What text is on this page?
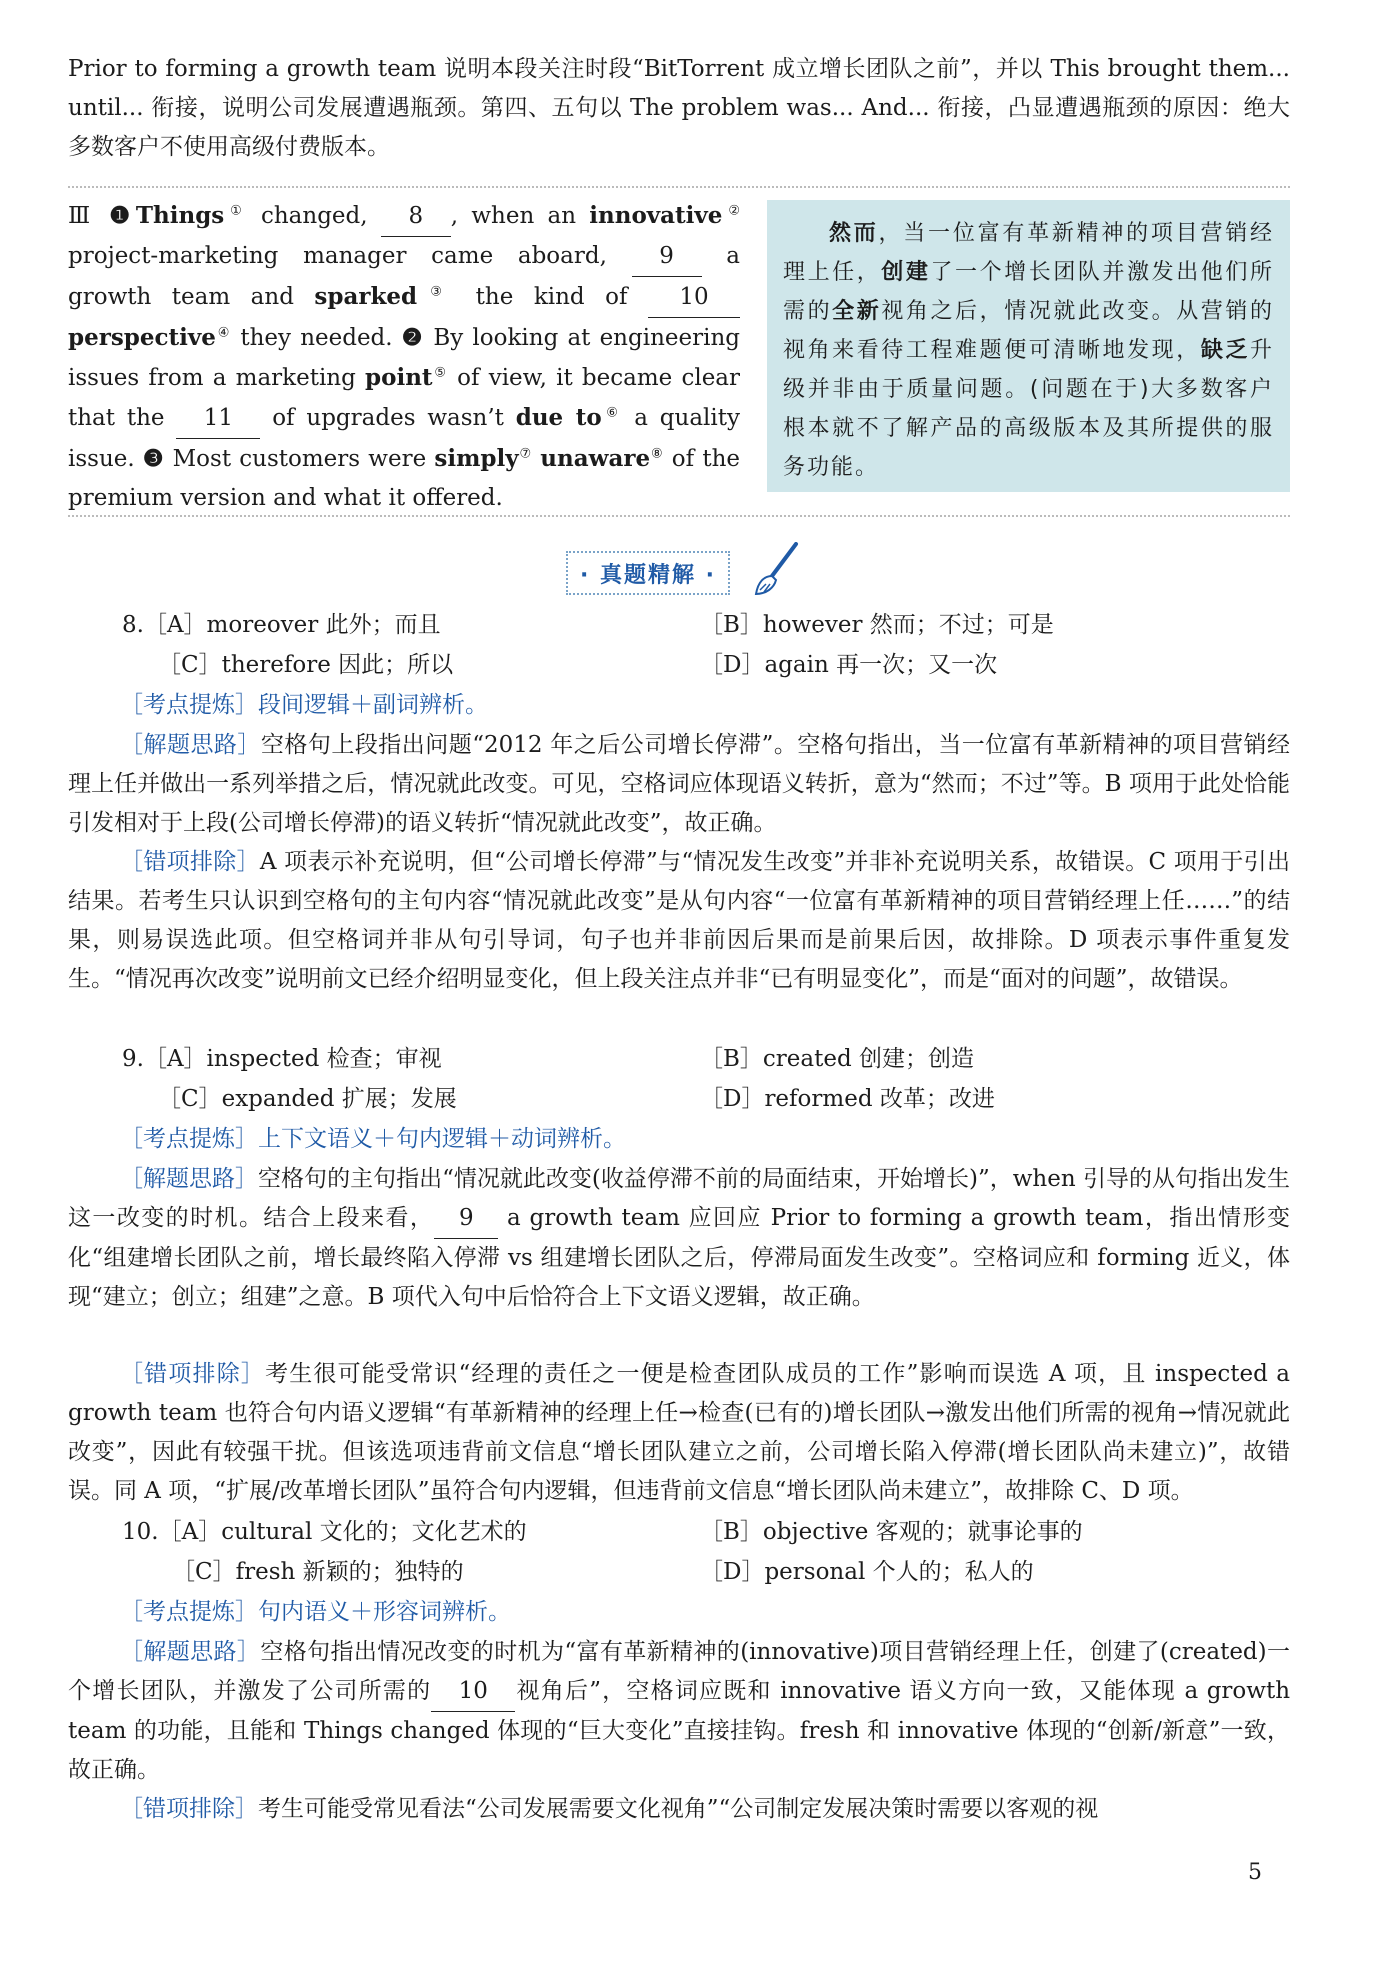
Prior to forming a growth team 说明本段关注时段“BitTorrent 成立增长团队之前”，并以 This brought them... until... 衔接，说明公司发展遭遇瓶颈。第四、五句以 The problem was... And... 衔接，凸显遭遇瓶颈的原因：绝大多数客户不使用高级付费版本。

Ⅲ ❶Things① changed, 8 , when an innovative② project-marketing manager came aboard, 9 a growth team and sparked③ the kind of 10 perspective④ they needed. ❷ By looking at engineering issues from a marketing point⑤ of view, it became clear that the 11 of upgrades wasn’t due to⑥ a quality issue. ❸ Most customers were simply⑦ unaware⑧ of the premium version and what it offered.

然而，当一位富有革新精神的项目营销经理上任，创建了一个增长团队并激发出他们所需的全新视角之后，情况就此改变。从营销的视角来看待工程难题便可清晰地发现，缺乏升级并非由于质量问题。(问题在于)大多数客户根本就不了解产品的高级版本及其所提供的服务功能。
· 真题精解 ·
8.［A］moreover 此外；而且	［B］however 然而；不过；可是
［C］therefore 因此；所以	［D］again 再一次；又一次
［考点提炼］段间逻辑＋副词辨析。

［解题思路］空格句上段指出问题“2012 年之后公司增长停滞”。空格句指出，当一位富有革新精神的项目营销经理上任并做出一系列举措之后，情况就此改变。可见，空格词应体现语义转折，意为“然而；不过”等。B 项用于此处恰能引发相对于上段(公司增长停滞)的语义转折“情况就此改变”，故正确。

［错项排除］A 项表示补充说明，但“公司增长停滞”与“情况发生改变”并非补充说明关系，故错误。C 项用于引出结果。若考生只认识到空格句的主句内容“情况就此改变”是从句内容“一位富有革新精神的项目营销经理上任……”的结果，则易误选此项。但空格词并非从句引导词，句子也并非前因后果而是前果后因，故排除。D 项表示事件重复发生。“情况再次改变”说明前文已经介绍明显变化，但上段关注点并非“已有明显变化”，而是“面对的问题”，故错误。

9.［A］inspected 检查；审视	［B］created 创建；创造
［C］expanded 扩展；发展	［D］reformed 改革；改进
［考点提炼］上下文语义＋句内逻辑＋动词辨析。

［解题思路］空格句的主句指出“情况就此改变(收益停滞不前的局面结束，开始增长)”，when 引导的从句指出发生这一改变的时机。结合上段来看， 9 a growth team 应回应 Prior to forming a growth team，指出情形变化“组建增长团队之前，增长最终陷入停滞 vs 组建增长团队之后，停滞局面发生改变”。空格词应和 forming 近义，体现“建立；创立；组建”之意。B 项代入句中后恰符合上下文语义逻辑，故正确。

［错项排除］考生很可能受常识“经理的责任之一便是检查团队成员的工作”影响而误选 A 项，且 inspected a growth team 也符合句内语义逻辑“有革新精神的经理上任→检查(已有的)增长团队→激发出他们所需的视角→情况就此改变”，因此有较强干扰。但该选项违背前文信息“增长团队建立之前，公司增长陷入停滞(增长团队尚未建立)”，故错误。同 A 项，“扩展/改革增长团队”虽符合句内逻辑，但违背前文信息“增长团队尚未建立”，故排除 C、D 项。

10.［A］cultural 文化的；文化艺术的	［B］objective 客观的；就事论事的
［C］fresh 新颖的；独特的	［D］personal 个人的；私人的
［考点提炼］句内语义＋形容词辨析。

［解题思路］空格句指出情况改变的时机为“富有革新精神的(innovative)项目营销经理上任，创建了(created)一个增长团队，并激发了公司所需的 10 视角后”，空格词应既和 innovative 语义方向一致，又能体现 a growth team 的功能，且能和 Things changed 体现的“巨大变化”直接挂钩。fresh 和 innovative 体现的“创新/新意”一致，故正确。

［错项排除］考生可能受常见看法“公司发展需要文化视角”“公司制定发展决策时需要以客观的视

5
